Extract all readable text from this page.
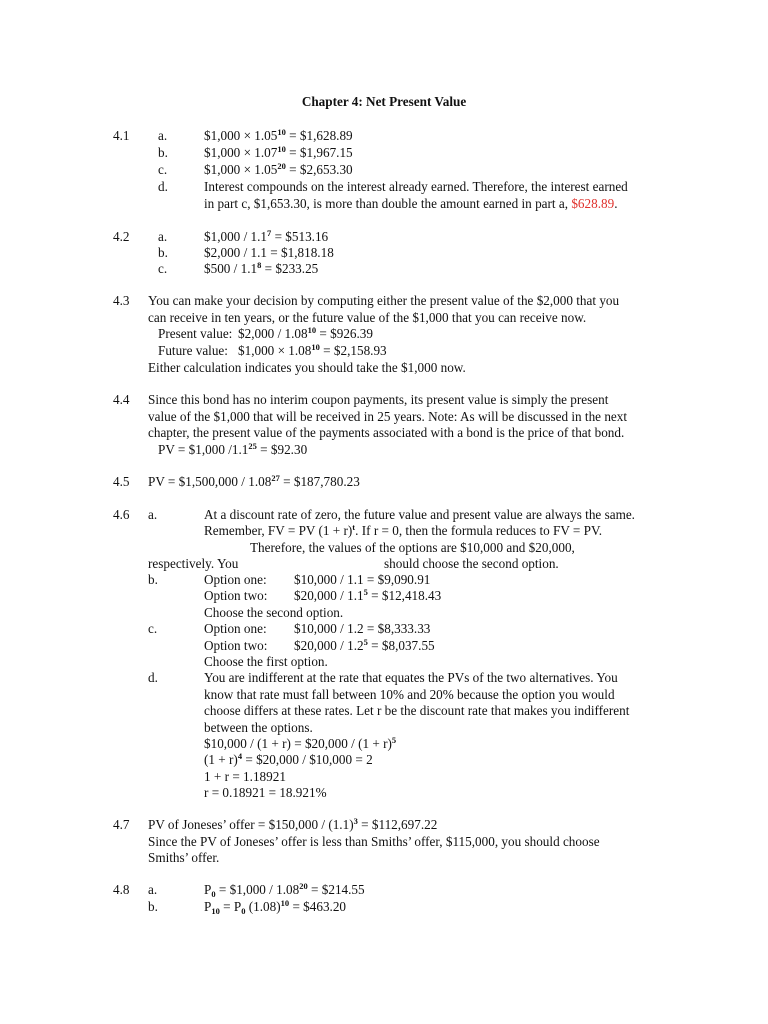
Chapter 4: Net Present Value
4.1 a.	$1,000 × $1.05^{10}$ = $1,628.89
b.	$1,000 × $1.07^{10}$ = $1,967.15
c.	$1,000 × $1.05^{20}$ = $2,653.30
d.	Interest compounds on the interest already earned. Therefore, the interest earned
in part c, $1,653.30, is more than double the amount earned in part a, $628.89.
4.2 a.	$1,000 / $1.1^7$ = $513.16
b.	$2,000 / 1.1 = $1,818.18
c.	$500 / $1.1^8$ = $233.25
4.3 You can make your decision by computing either the present value of the $2,000 that you
can receive in ten years, or the future value of the $1,000 that you can receive now.
Present value: $2,000 / $1.08^{10}$ = $926.39
Future value: $1,000 × $1.08^{10}$ = $2,158.93
Either calculation indicates you should take the $1,000 now.
4.4 Since this bond has no interim coupon payments, its present value is simply the present
value of the $1,000 that will be received in 25 years. Note: As will be discussed in the next
chapter, the present value of the payments associated with a bond is the price of that bond.
PV = $1,000 $/1.1^{25}$ = $92.30
4.5 PV = $1,500,000 / $1.08^{27}$ = $187,780.23
4.6 a.	At a discount rate of zero, the future value and present value are always the same.
Remember, FV = PV $(1 + r)^t$. If r = 0, then the formula reduces to FV = PV.
Therefore, the values of the options are $10,000 and $20,000,
respectively. You	should choose the second option.
b.	Option one: $10,000 / 1.1 = $9,090.91
Option two: $20,000 / $1.1^5$ = $12,418.43
Choose the second option.
c.	Option one: $10,000 / 1.2 = $8,333.33
Option two: $20,000 / $1.2^5$ = $8,037.55
Choose the first option.
d.	You are indifferent at the rate that equates the PVs of the two alternatives. You
know that rate must fall between 10% and 20% because the option you would
choose differs at these rates. Let r be the discount rate that makes you indifferent
between the options.
$10,000 / (1 + r) = $20,000 / $(1 + r)^5$
$(1 + r)^4$ = $20,000 / $10,000 = 2
1 + r = 1.18921
r = 0.18921 = 18.921%
4.7 PV of Joneses’ offer = $150,000 / $(1.1)^3$ = $112,697.22
Since the PV of Joneses’ offer is less than Smiths’ offer, $115,000, you should choose
Smiths’ offer.
4.8 a.	$P_0$ = $1,000 / $1.08^{20}$ = $214.55
b.	$P_{10} = P_0$ $(1.08)^{10}$ = $463.20
